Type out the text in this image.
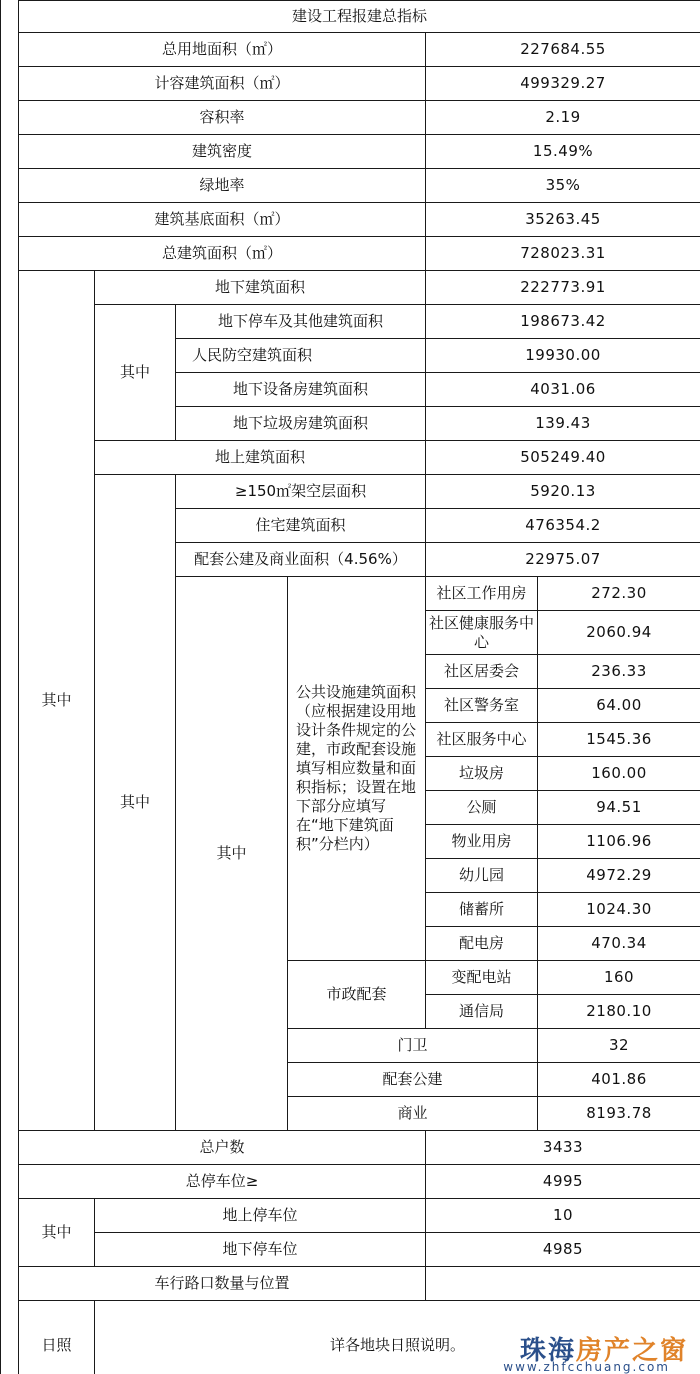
建设工程报建总指标					
总用地面积（㎡）				227684.55	
计容建筑面积（㎡）				499329.27	
容积率				2.19	
建筑密度				15.49%	
绿地率				35%	
建筑基底面积（㎡）				35263.45	
总建筑面积（㎡）				728023.31	
其中	地下建筑面积			222773.91	
	其中	地下停车及其他建筑面积		198673.42	
		人民防空建筑面积		19930.00	
		地下设备房建筑面积		4031.06	
		地下垃圾房建筑面积		139.43	
	地上建筑面积			505249.40	
	其中	≥150㎡架空层面积		5920.13	
		住宅建筑面积		476354.2	
		配套公建及商业面积（4.56%）		22975.07	
		其中	公共设施建筑面积（应根据建设用地设计条件规定的公建，市政配套设施填写相应数量和面积指标；设置在地下部分应填写在“地下建筑面积”分栏内）	社区工作用房	272.30
				社区健康服务中心	2060.94
				社区居委会	236.33
				社区警务室	64.00
				社区服务中心	1545.36
				垃圾房	160.00
				公厕	94.51
				物业用房	1106.96
				幼儿园	4972.29
				储蓄所	1024.30
				配电房	470.34
			市政配套	变配电站	160
				通信局	2180.10
			门卫		32
			配套公建		401.86
			商业		8193.78
总户数				3433	
总停车位≥				4995	
其中	地上停车位			10	
	地下停车位			4985	
车行路口数量与位置					
日照	详各地块日照说明。				珠海房产之窗
www.zhfcchuang.com
